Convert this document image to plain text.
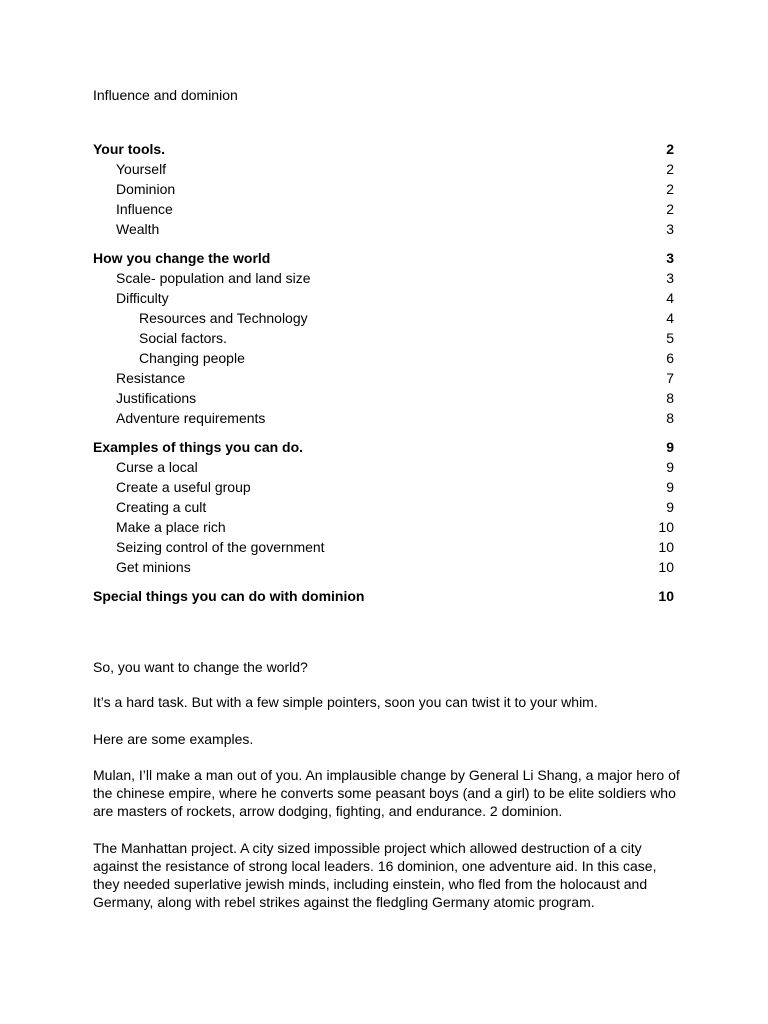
Influence and dominion
Your tools.	2
Yourself	2
Dominion	2
Influence	2
Wealth	3
How you change the world	3
Scale- population and land size	3
Difficulty	4
Resources and Technology	4
Social factors.	5
Changing people	6
Resistance	7
Justifications	8
Adventure requirements	8
Examples of things you can do.	9
Curse a local	9
Create a useful group	9
Creating a cult	9
Make a place rich	10
Seizing control of the government	10
Get minions	10
Special things you can do with dominion	10
So, you want to change the world?
It’s a hard task. But with a few simple pointers, soon you can twist it to your whim.
Here are some examples.
Mulan, I’ll make a man out of you. An implausible change by General Li Shang, a major hero of the chinese empire, where he converts some peasant boys (and a girl) to be elite soldiers who are masters of rockets, arrow dodging, fighting, and endurance. 2 dominion.
The Manhattan project. A city sized impossible project which allowed destruction of a city against the resistance of strong local leaders. 16 dominion, one adventure aid. In this case, they needed superlative jewish minds, including einstein, who fled from the holocaust and Germany, along with rebel strikes against the fledgling Germany atomic program.
